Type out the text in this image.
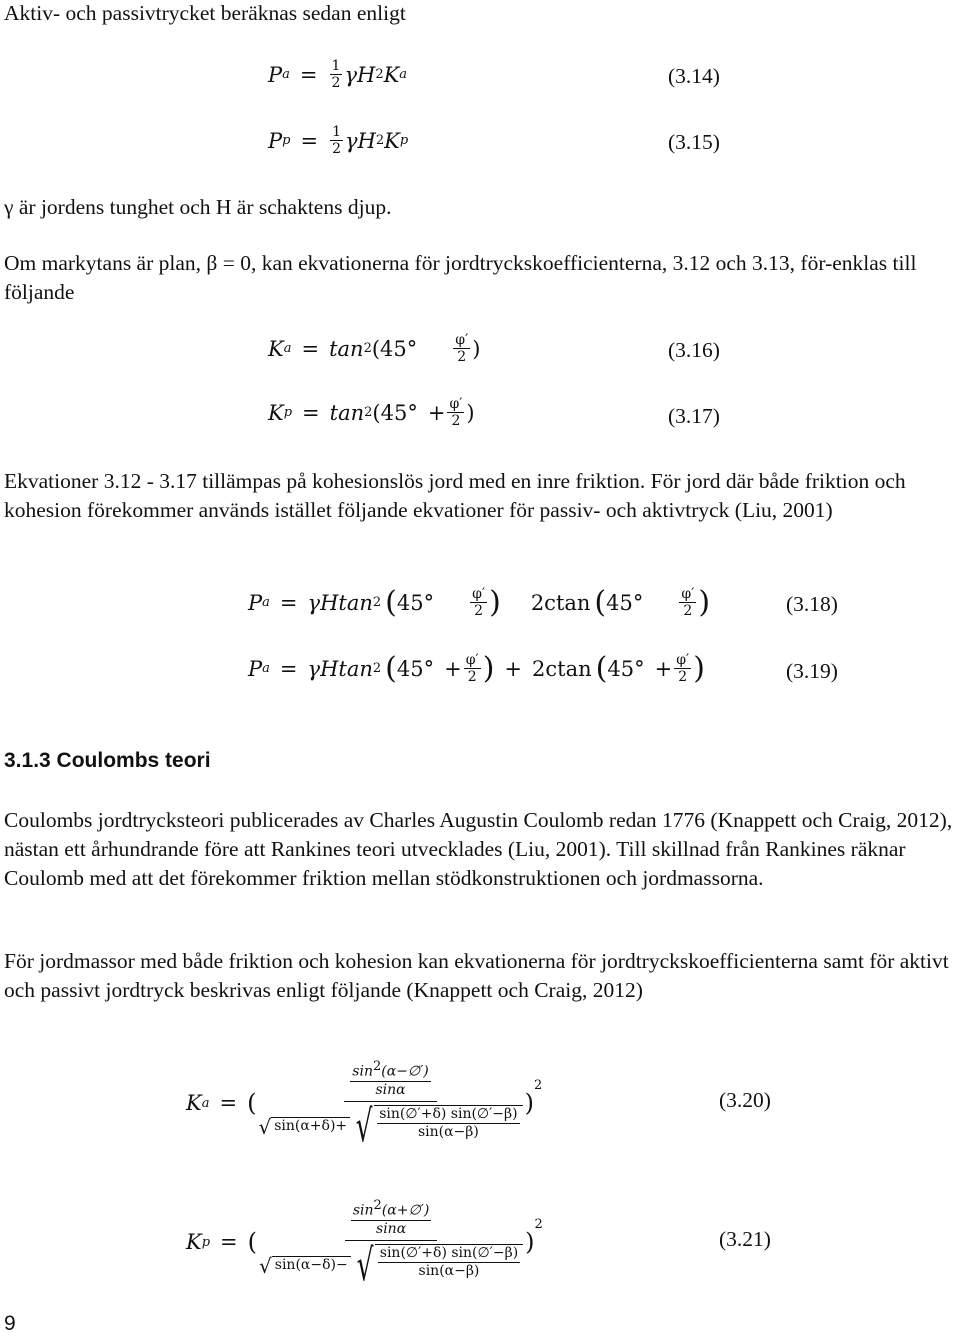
Aktiv- och passivtrycket beräknas sedan enligt

P $a = \frac{1}{2}$ γH 2 K a	(3.14)
P $p = \frac{1}{2}$ γH 2 K p	(3.15)

γ är jordens tunghet och H är schaktens djup.

Om markytans är plan, β = 0, kan ekvationerna för jordtryckskoefficienterna, 3.12 och 3.13, för-enklas till följande

K a = tan 2 (45°	$\frac{\varphi'}{2}$ )	(3.16)
K p = tan 2 ($45^\circ + \frac{\varphi'}{2}$ )	(3.17)

Ekvationer 3.12 - 3.17 tillämpas på kohesionslös jord med en inre friktion. För jord där både friktion och kohesion förekommer används istället följande ekvationer för passiv- och aktivtryck (Liu, 2001)

P a = γHtan 2 ( 45°	$\frac{\varphi'}{2}$ ) 2c tan ( 45°	$\frac{\varphi'}{2}$ )	(3.18)
P a = γHtan 2 ( $45^\circ + \frac{\varphi'}{2}$ ) + 2c tan ( $45^\circ + \frac{\varphi'}{2}$ )	(3.19)
3.1.3 Coulombs teori

Coulombs jordtrycksteori publicerades av Charles Augustin Coulomb redan 1776 (Knappett och Craig, 2012), nästan ett århundrande före att Rankines teori utvecklades (Liu, 2001). Till skillnad från Rankines räknar Coulomb med att det förekommer friktion mellan stödkonstruktionen och jordmassorna.

För jordmassor med både friktion och kohesion kan ekvationerna för jordtryckskoefficienterna samt för aktivt och passivt jordtryck beskrivas enligt följande (Knappett och Craig, 2012)

K a = (
$\sin^2(\alpha-\emptyset')$
sinα
√ sin(α+δ)+ √ sin(∅′+δ) sin(∅′−β)
sin(α−β)
)
$^2$
(3.20)
K p = (
$\sin^2(\alpha+\emptyset')$
sinα
√ sin(α−δ)− √ sin(∅′+δ) sin(∅′−β)
sin(α−β)
)
$^2$
(3.21)
9
